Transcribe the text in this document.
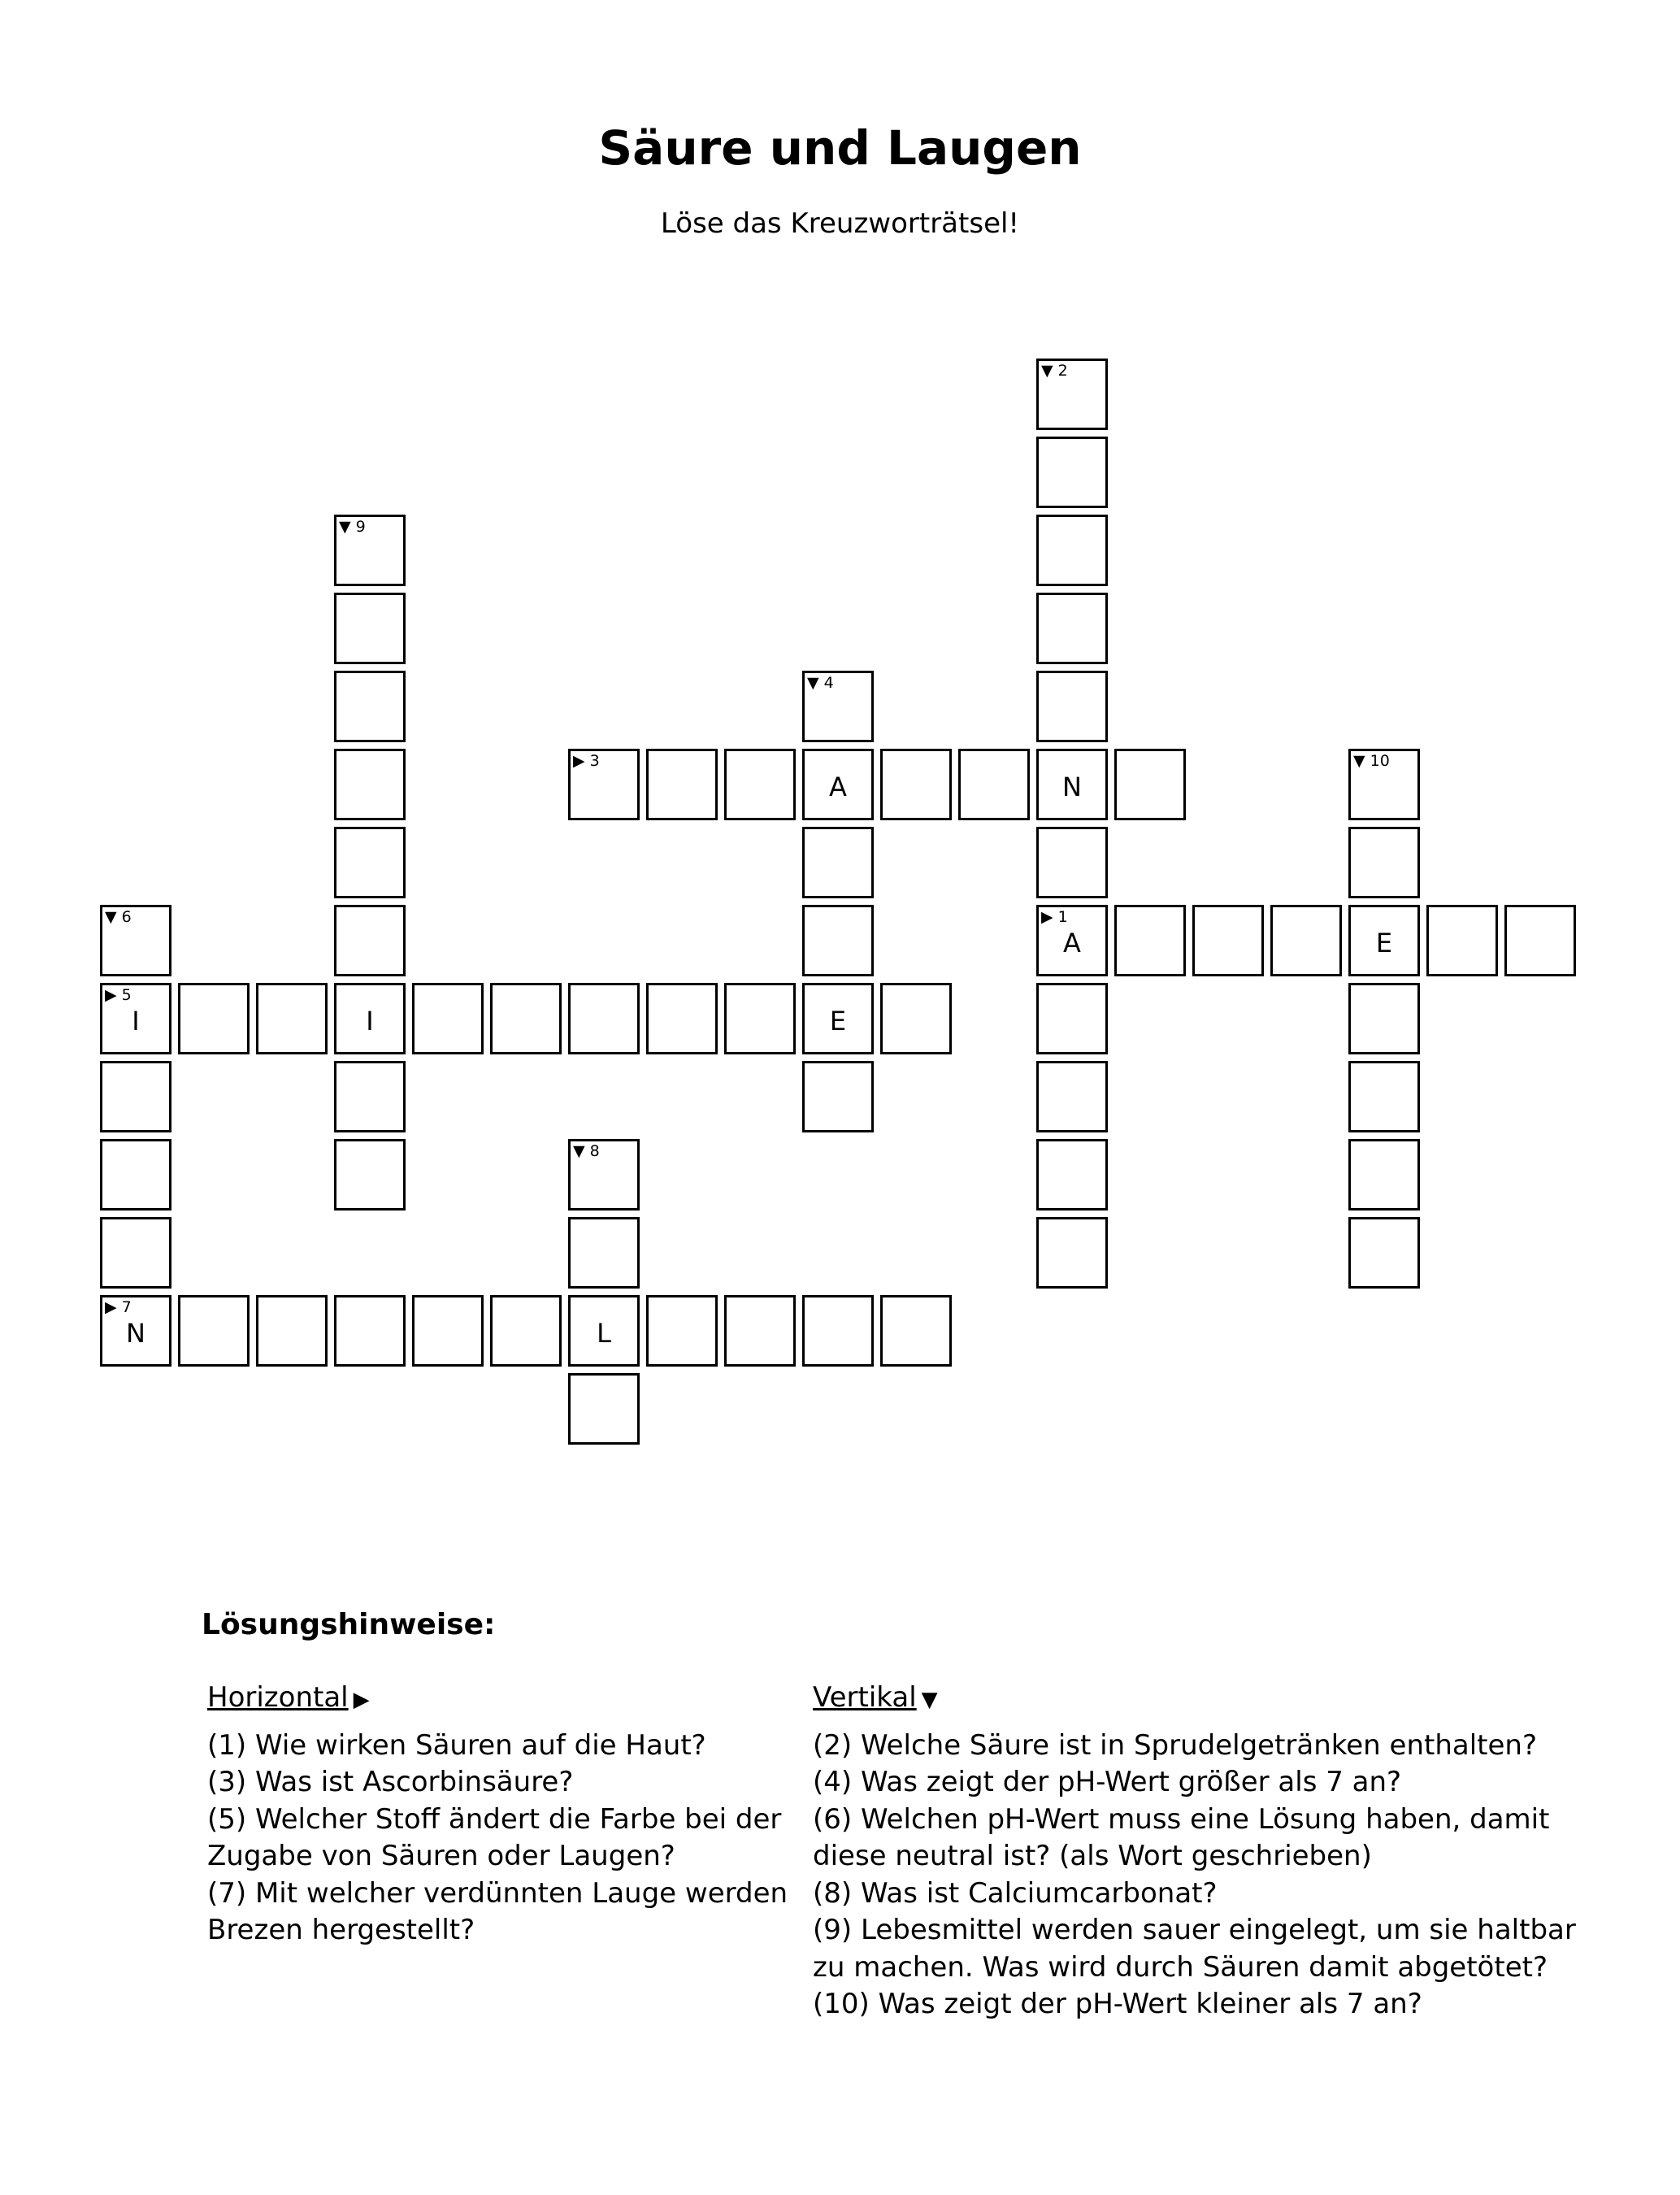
Säure und Laugen
Löse das Kreuzworträtsel!
▶ 1
A	E
▼ 2
N
▶ 3
A
▼ 4
E
▶ 5
I	I
▼ 6
▶ 7
N	L
▼ 8
▼ 9
▼ 10
Lösungshinweise:
Horizontal ▶

(1) Wie wirken Säuren auf die Haut?

(3) Was ist Ascorbinsäure?

(5) Welcher Stoff ändert die Farbe bei der Zugabe von Säuren oder Laugen?

(7) Mit welcher verdünnten Lauge werden Brezen hergestellt?

Vertikal ▼

(2) Welche Säure ist in Sprudelgetränken enthalten?

(4) Was zeigt der pH-Wert größer als 7 an?

(6) Welchen pH-Wert muss eine Lösung haben, damit diese neutral ist? (als Wort geschrieben)

(8) Was ist Calciumcarbonat?

(9) Lebesmittel werden sauer eingelegt, um sie haltbar zu machen. Was wird durch Säuren damit abgetötet?

(10) Was zeigt der pH-Wert kleiner als 7 an?
